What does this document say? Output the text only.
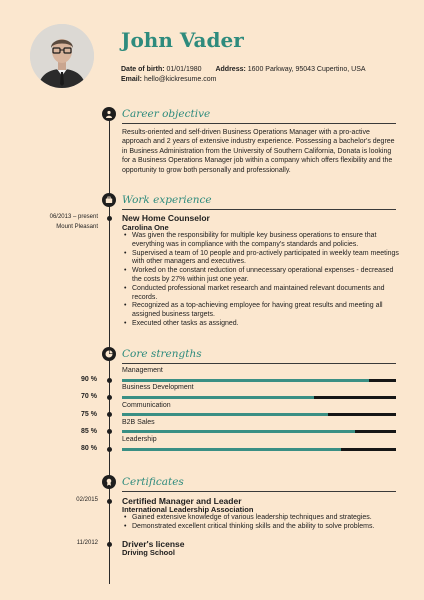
John Vader
Date of birth: 01/01/1980 Address: 1600 Parkway, 95043 Cupertino, USA
Email: hello@kickresume.com
Career objective
Results-oriented and self-driven Business Operations Manager with a pro-active approach and 2 years of extensive industry experience. Possessing a bachelor's degree in Business Administration from the University of Southern California, Donata is looking for a Business Operations Manager job within a company which offers flexibility and the opportunity to grow both personally and professionally.
Work experience
06/2013 – present
Mount Pleasant
New Home Counselor
Carolina One
• Was given the responsibility for multiple key business operations to ensure that everything was in compliance with the company's standards and policies.
• Supervised a team of 10 people and pro-actively participated in weekly team meetings with other managers and executives.
• Worked on the constant reduction of unnecessary operational expenses - decreased the costs by 27% within just one year.
• Conducted professional market research and maintained relevant documents and records.
• Recognized as a top-achieving employee for having great results and meeting all assigned business targets.
• Executed other tasks as assigned.
Core strengths
Management
90 %
Business Development
70 %
Communication
75 %
B2B Sales
85 %
Leadership
80 %
Certificates
02/2015	Certified Manager and Leader
International Leadership Association
• Gained extensive knowledge of various leadership techniques and strategies.
• Demonstrated excellent critical thinking skills and the ability to solve problems.
11/2012	Driver's license
Driving School
